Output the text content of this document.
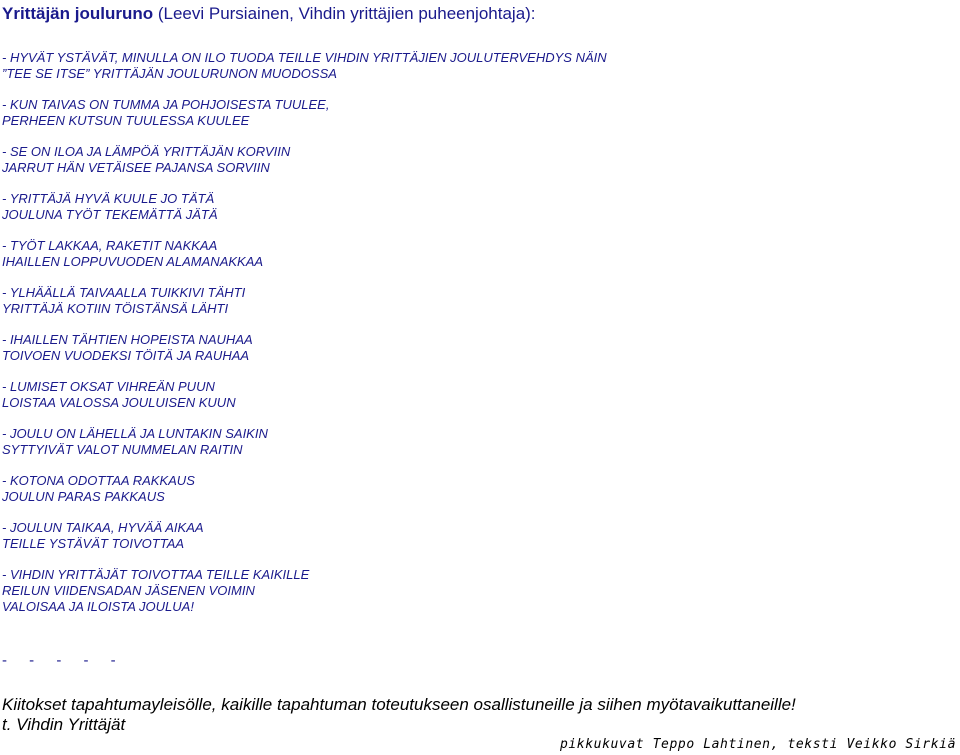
Yrittäjän jouluruno (Leevi Pursiainen, Vihdin yrittäjien puheenjohtaja):
- HYVÄT YSTÄVÄT, MINULLA ON ILO TUODA TEILLE VIHDIN YRITTÄJIEN JOULUTERVEHDYS NÄIN
”TEE SE ITSE” YRITTÄJÄN JOULURUNON MUODOSSA
- KUN TAIVAS ON TUMMA JA POHJOISESTA TUULEE,
PERHEEN KUTSUN TUULESSA KUULEE
- SE ON ILOA JA LÄMPÖÄ YRITTÄJÄN KORVIIN
JARRUT HÄN VETÄISEE PAJANSA SORVIIN
- YRITTÄJÄ HYVÄ KUULE JO TÄTÄ
JOULUNA TYÖT TEKEMÄTTÄ JÄTÄ
- TYÖT LAKKAA, RAKETIT NAKKAA
IHAILLEN LOPPUVUODEN ALAMANAKKAA
- YLHÄÄLLÄ TAIVAALLA TUIKKIVI TÄHTI
YRITTÄJÄ KOTIIN TÖISTÄNSÄ LÄHTI
- IHAILLEN TÄHTIEN HOPEISTA NAUHAA
TOIVOEN VUODEKSI TÖITÄ JA RAUHAA
- LUMISET OKSAT VIHREÄN PUUN
LOISTAA VALOSSA JOULUISEN KUUN
- JOULU ON LÄHELLÄ JA LUNTAKIN SAIKIN
SYTTYIVÄT VALOT NUMMELAN RAITIN
- KOTONA ODOTTAA RAKKAUS
JOULUN PARAS PAKKAUS
- JOULUN TAIKAA, HYVÄÄ AIKAA
TEILLE YSTÄVÄT TOIVOTTAA
- VIHDIN YRITTÄJÄT TOIVOTTAA TEILLE KAIKILLE
REILUN VIIDENSADAN JÄSENEN VOIMIN
VALOISAA JA ILOISTA JOULUA!
- - - - -
Kiitokset tapahtumayleisölle, kaikille tapahtuman toteutukseen osallistuneille ja siihen myötavaikuttaneille!
t. Vihdin Yrittäjät
pikkukuvat Teppo Lahtinen, teksti Veikko Sirkiä
